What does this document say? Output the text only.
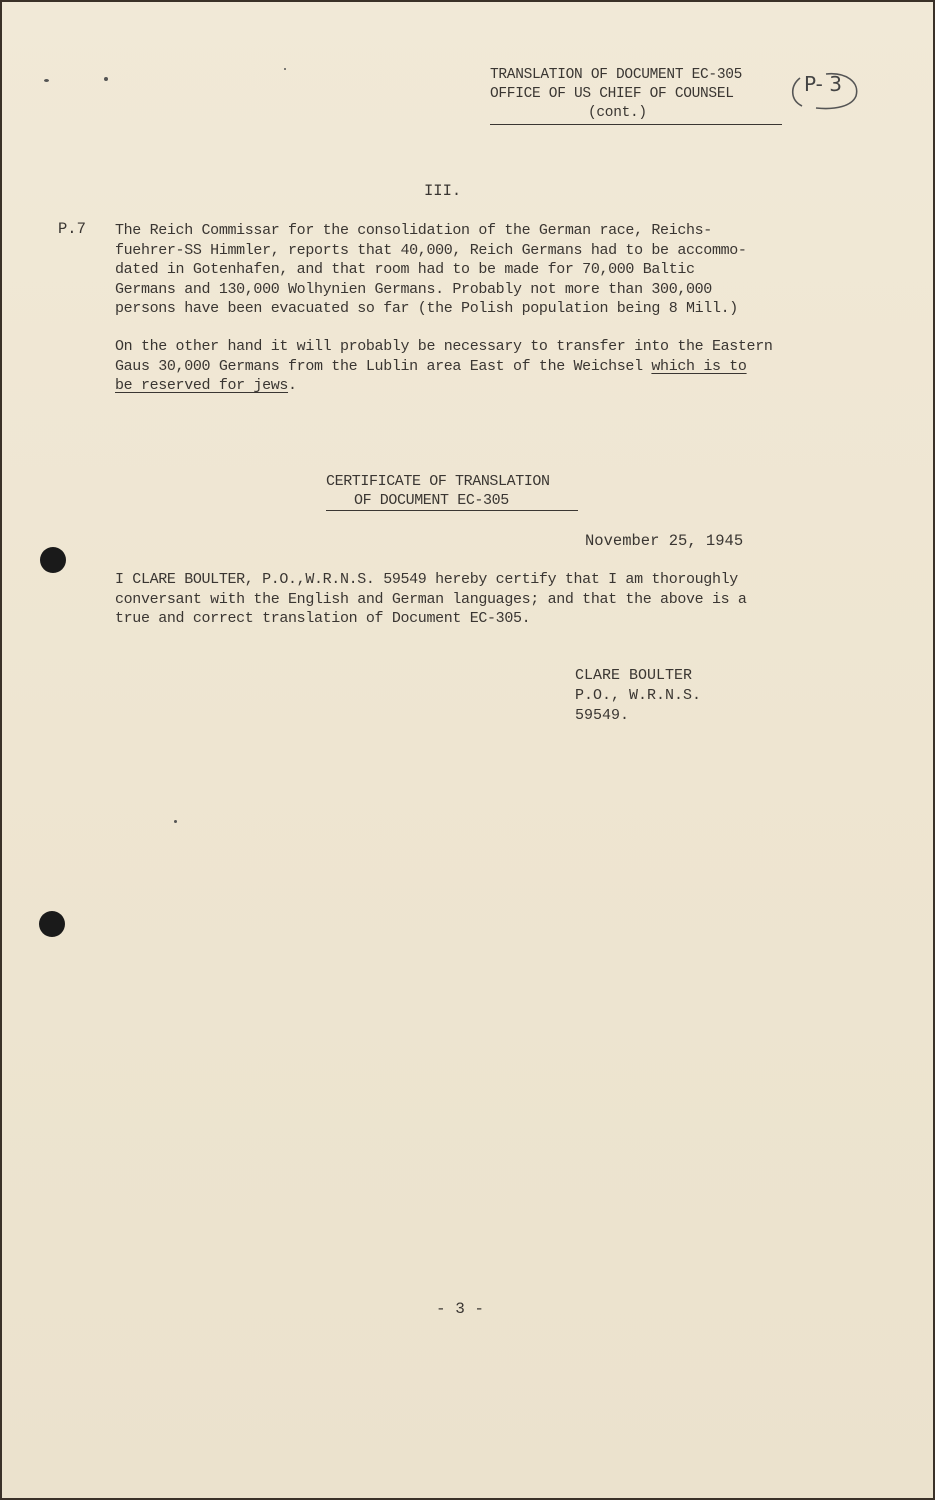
TRANSLATION OF DOCUMENT EC-305
OFFICE OF US CHIEF OF COUNSEL
(cont.)
P- 3
III.
P.7 The Reich Commissar for the consolidation of the German race, Reichs-
fuehrer-SS Himmler, reports that 40,000, Reich Germans had to be accommo-
dated in Gotenhafen, and that room had to be made for 70,000 Baltic
Germans and 130,000 Wolhynien Germans. Probably not more than 300,000
persons have been evacuated so far (the Polish population being 8 Mill.)
On the other hand it will probably be necessary to transfer into the Eastern
Gaus 30,000 Germans from the Lublin area East of the Weichsel which is to
be reserved for jews.
CERTIFICATE OF TRANSLATION
OF DOCUMENT EC-305
November 25, 1945
I CLARE BOULTER, P.O.,W.R.N.S. 59549 hereby certify that I am thoroughly
conversant with the English and German languages; and that the above is a
true and correct translation of Document EC-305.
CLARE BOULTER
P.O., W.R.N.S.
59549.
- 3 -
